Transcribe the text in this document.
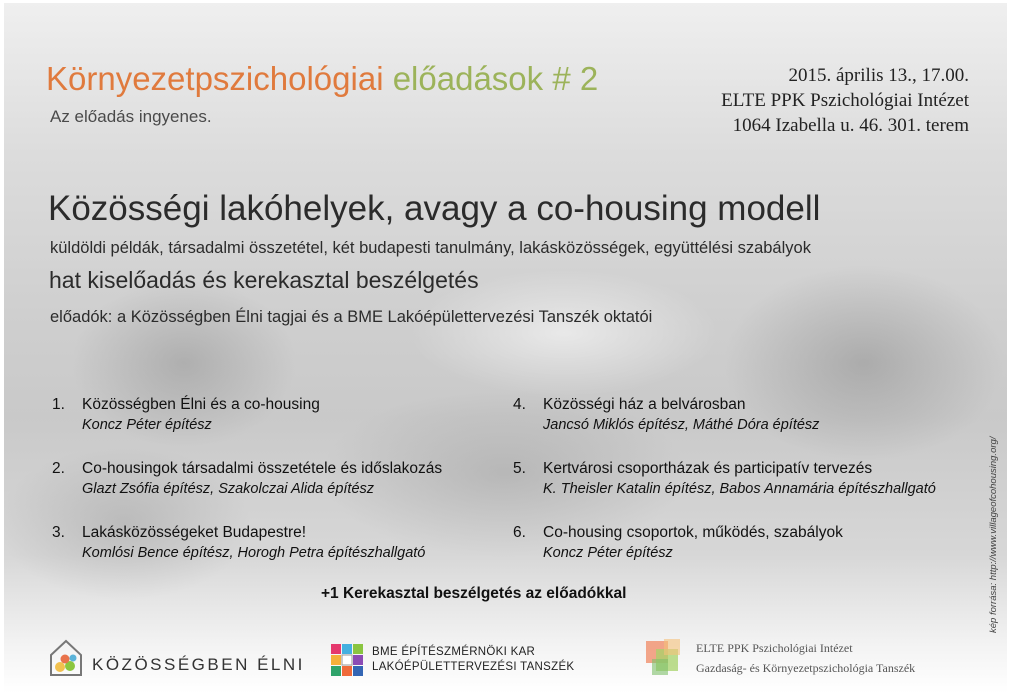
Környezetpszichológiai előadások # 2
Az előadás ingyenes.
2015. április 13., 17.00.
ELTE PPK Pszichológiai Intézet
1064 Izabella u. 46. 301. terem
Közösségi lakóhelyek, avagy a co-housing modell
küldöldi példák, társadalmi összetétel, két budapesti tanulmány, lakásközösségek, együttélési szabályok
hat kiselőadás és kerekasztal beszélgetés
előadók: a Közösségben Élni tagjai és a BME Lakóépülettervezési Tanszék oktatói
1.	Közösségben Élni és a co-housing
Koncz Péter építész
2.	Co-housingok társadalmi összetétele és időslakozás
Glazt Zsófia építész, Szakolczai Alida építész
3.	Lakásközösségeket Budapestre!
Komlósi Bence építész, Horogh Petra építészhallgató
4.	Közösségi ház a belvárosban
Jancsó Miklós építész, Máthé Dóra építész
5.	Kertvárosi csoportházak és participatív tervezés
K. Theisler Katalin építész, Babos Annamária építészhallgató
6.	Co-housing csoportok, működés, szabályok
Koncz Péter építész
+1 Kerekasztal beszélgetés az előadókkal	kép forrása: http://www.villageofcohousing.org/
KÖZÖSSÉGBEN ÉLNI
BME ÉPÍTÉSZMÉRNÖKI KAR
LAKÓÉPÜLETTERVEZÉSI TANSZÉK
ELTE PPK Pszichológiai Intézet
Gazdaság- és Környezetpszichológia Tanszék
